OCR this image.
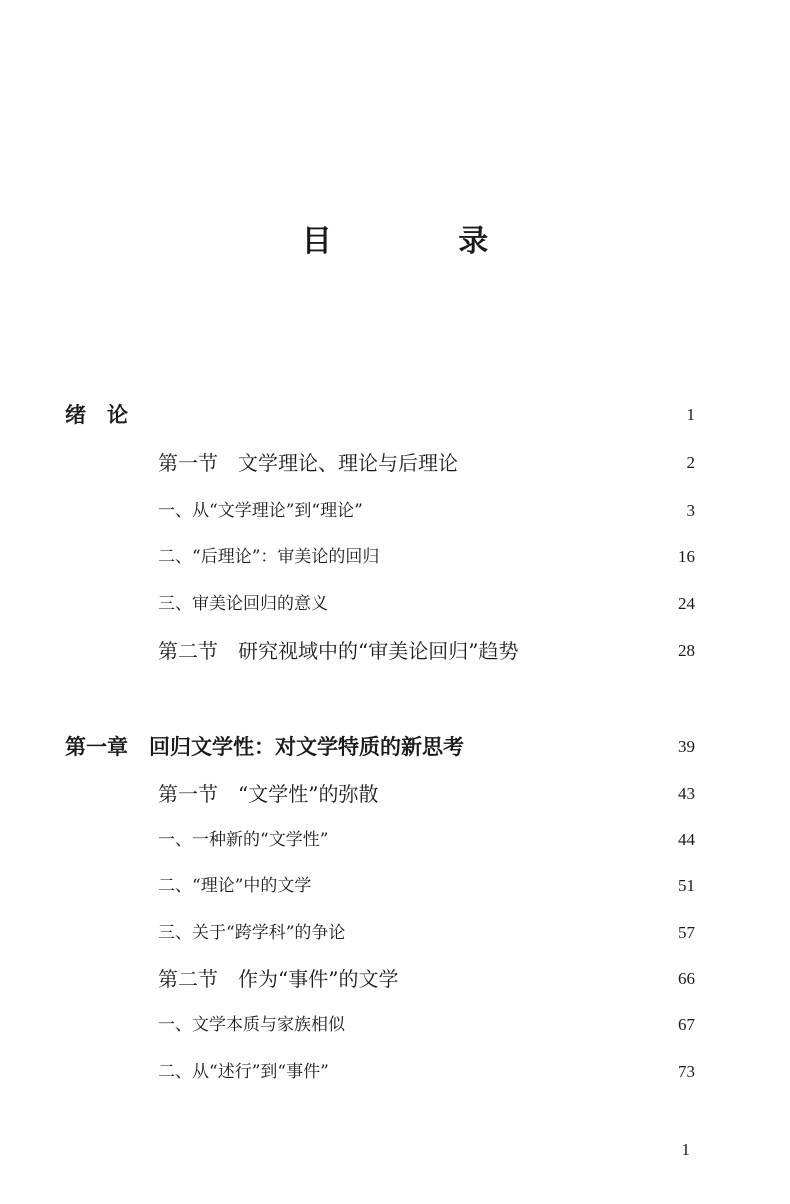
目 录
绪　论	1
第一节　文学理论、理论与后理论	2
一、从“文学理论”到“理论”	3
二、“后理论”：审美论的回归	16
三、审美论回归的意义	24
第二节　研究视域中的“审美论回归”趋势	28
第一章　回归文学性：对文学特质的新思考	39
第一节　“文学性”的弥散	43
一、一种新的“文学性”	44
二、“理论”中的文学	51
三、关于“跨学科”的争论	57
第二节　作为“事件”的文学	66
一、文学本质与家族相似	67
二、从“述行”到“事件”	73
1
